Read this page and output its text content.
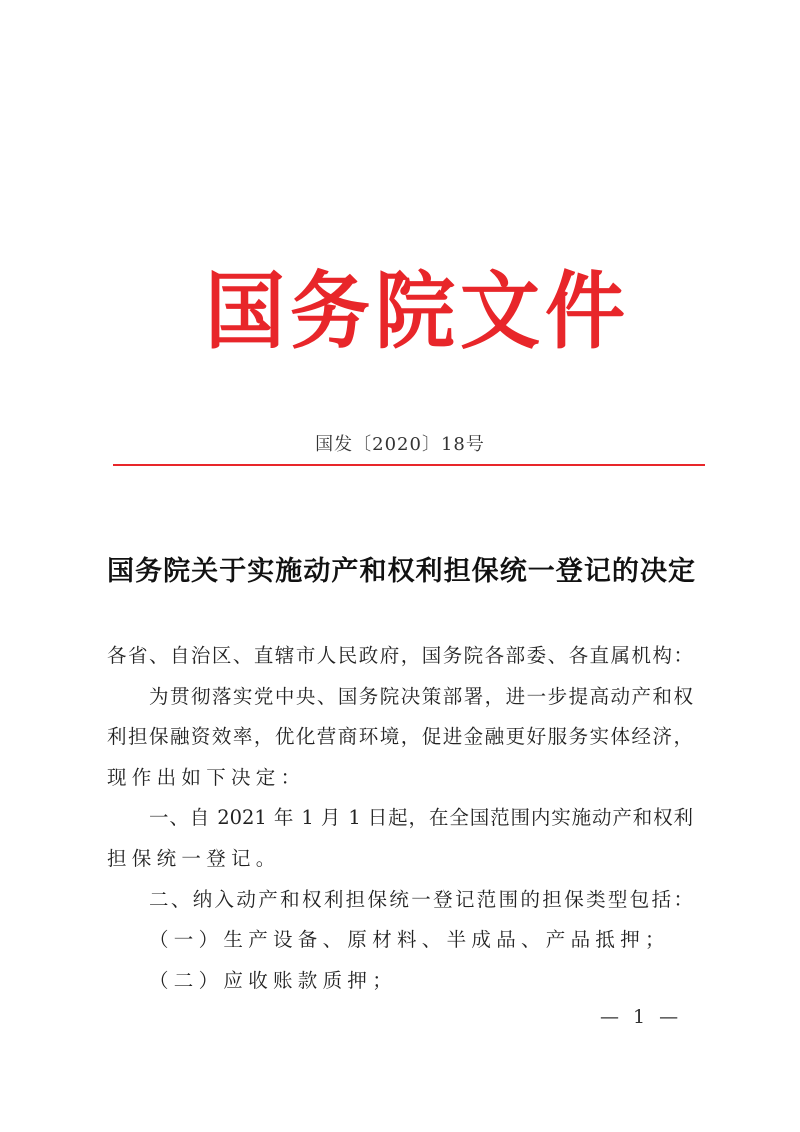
国 务 院 文 件
国发〔2020〕18号
国务院关于实施动产和权利担保统一登记的决定
各省、自治区、直辖市人民政府，国务院各部委、各直属机构：
为贯彻落实党中央、国务院决策部署，进一步提高动产和权
利担保融资效率，优化营商环境，促进金融更好服务实体经济，
现作出如下决定：
一、自 2021 年 1 月 1 日起，在全国范围内实施动产和权利
担保统一登记。
二、纳入动产和权利担保统一登记范围的担保类型包括：
（一）生产设备、原材料、半成品、产品抵押；
（二）应收账款质押；
— 1 —
